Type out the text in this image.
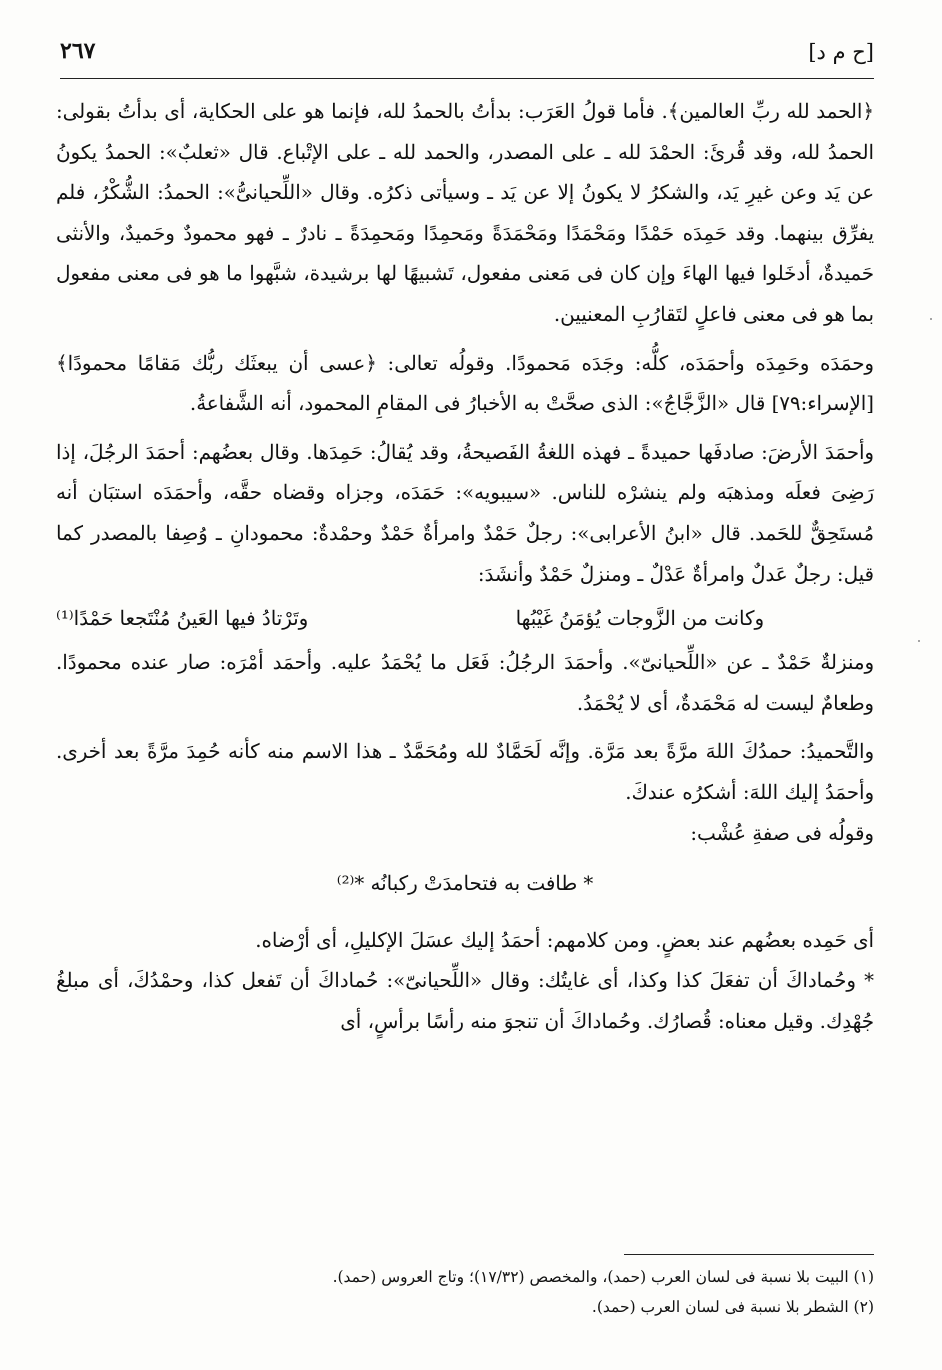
[ح م د]
٢٦٧

﴿الحمد لله ربِّ العالمين﴾. فأما قولُ العَرَب: بدأتُ بالحمدُ لله، فإنما هو على الحكاية، أى بدأتُ بقولى: الحمدُ لله، وقد قُرئَ: الحمْدَ لله ـ على المصدر، والحمد لله ـ على الإتْباع. قال «ثعلبٌ»: الحمدُ يكونُ عن يَد وعن غيرِ يَد، والشكرُ لا يكونُ إلا عن يَد ـ وسيأتى ذكرُه. وقال «اللِّحيانىُّ»: الحمدُ: الشُّكْرُ، فلم يفرِّق بينهما. وقد حَمِدَه حَمْدًا ومَحْمَدًا ومَحْمَدَةً ومَحمِدًا ومَحمِدَةً ـ نادرٌ ـ فهو محمودٌ وحَميدٌ، والأنثى حَميدةٌ، أدخَلوا فيها الهاءَ وإن كان فى مَعنى مفعول، تَشبيهًا لها برشيدة، شبَّهوا ما هو فى معنى مفعول بما هو فى معنى فاعلٍ لتَقارُبِ المعنيين.

وحمَدَه وحَمِدَه وأحمَدَه، كلُّه: وجَدَه مَحمودًا. وقولُه تعالى: ﴿عسى أن يبعثَك ربُّك مَقامًا محمودًا﴾ [الإسراء:٧٩] قال «الزَّجَّاجُ»: الذى صحَّتْ به الأخبارُ فى المقامِ المحمود، أنه الشَّفاعةُ.

وأحمَدَ الأرضَ: صادفَها حميدةً ـ فهذه اللغةُ الفَصيحةُ، وقد يُقالُ: حَمِدَها. وقال بعضُهم: أحمَدَ الرجُلَ، إذا رَضِىَ فعلَه ومذهبَه ولم ينشرْه للناس. «سيبويه»: حَمَدَه، وجزاه وقضاه حقَّه، وأحمَدَه استبَان أنه مُستَحِقٌّ للحَمد. قال «ابنُ الأعرابى»: رجلٌ حَمْدٌ وامرأةٌ حَمْدٌ وحمْدةٌ: محمودانِ ـ وُصِفا بالمصدر كما قيل: رجلٌ عَدلٌ وامرأةٌ عَدْلٌ ـ ومنزلٌ حَمْدٌ وأنشَدَ:

وكانت من الزَّوجات يُؤمَنُ غَيْبُها
وتَرْتادُ فيها العَينُ مُنْتَجعا حَمْدًا⁽¹⁾

ومنزلةٌ حَمْدٌ ـ عن «اللِّحيانىّ». وأحمَدَ الرجُلُ: فَعَل ما يُحْمَدُ عليه. وأحمَد أمْرَه: صار عنده محمودًا. وطعامٌ ليست له مَحْمَدةٌ، أى لا يُحْمَدُ.

والتَّحميدُ: حمدُكَ اللهَ مرَّةً بعد مَرَّة. وإنَّه لَحَمَّادٌ لله ومُحَمَّدٌ ـ هذا الاسم منه كأنه حُمِدَ مرَّةً بعد أخرى. وأحمَدُ إليك اللهَ: أشكرُه عندكَ.

وقولُه فى صفةِ عُشْب:

* طافت به فتحامدَتْ ركبانُه *⁽²⁾

أى حَمِده بعضُهم عند بعضٍ. ومن كلامهم: أحمَدُ إليك عسَلَ الإكليلِ، أى أرْضاه.

* وحُماداكَ أن تفعَلَ كذا وكذا، أى غايتُك: وقال «اللِّحيانىّ»: حُماداكَ أن تَفعل كذا، وحمْدُكَ، أى مبلغُ جُهْدِك. وقيل معناه: قُصارُك. وحُماداكَ أن تنجوَ منه رأسًا برأسٍ، أى

(١) البيت بلا نسبة فى لسان العرب (حمد)، والمخصص (١٧/٣٢)؛ وتاج العروس (حمد).

(٢) الشطر بلا نسبة فى لسان العرب (حمد).
